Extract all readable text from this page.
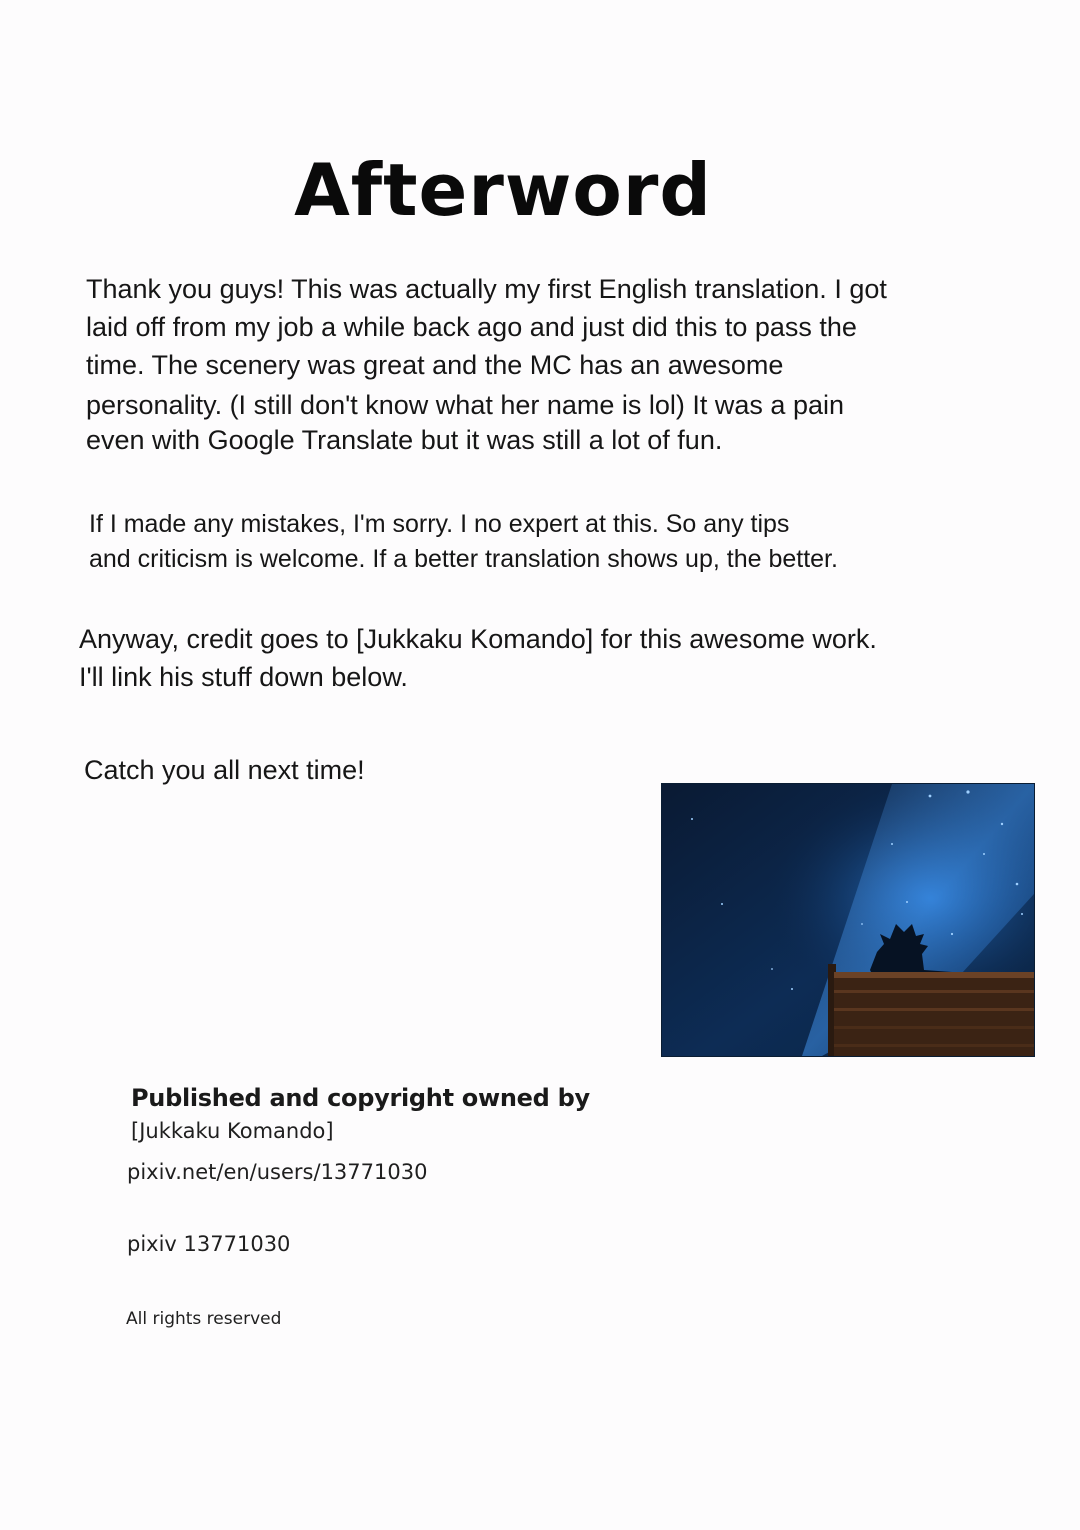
Afterword
Thank you guys! This was actually my first English translation. I got
laid off from my job a while back ago and just did this to pass the
time. The scenery was great and the MC has an awesome
personality. (I still don't know what her name is lol) It was a pain
even with Google Translate but it was still a lot of fun.
If I made any mistakes, I'm sorry. I no expert at this. So any tips
and criticism is welcome. If a better translation shows up, the better.
Anyway, credit goes to [Jukkaku Komando] for this awesome work.
I'll link his stuff down below.
Catch you all next time!
Published and copyright owned by
[Jukkaku Komando]
pixiv.net/en/users/13771030
pixiv 13771030
All rights reserved
